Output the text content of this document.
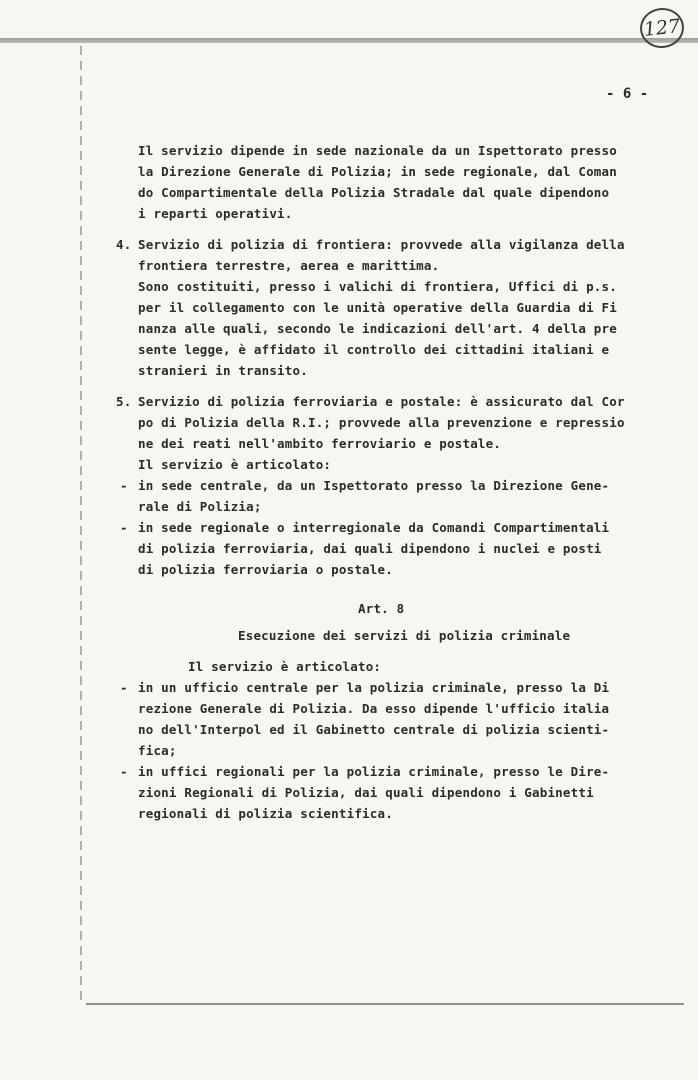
127
- 6 -
Il servizio dipende in sede nazionale da un Ispettorato presso
la Direzione Generale di Polizia; in sede regionale, dal Coman
do Compartimentale della Polizia Stradale dal quale dipendono
i reparti operativi.
4. Servizio di polizia di frontiera: provvede alla vigilanza della
frontiera terrestre, aerea e marittima.
Sono costituiti, presso i valichi di frontiera, Uffici di p.s.
per il collegamento con le unità operative della Guardia di Fi
nanza alle quali, secondo le indicazioni dell'art. 4 della pre
sente legge, è affidato il controllo dei cittadini italiani e
stranieri in transito.
5. Servizio di polizia ferroviaria e postale: è assicurato dal Cor
po di Polizia della R.I.; provvede alla prevenzione e repressio
ne dei reati nell'ambito ferroviario e postale.
Il servizio è articolato:
- in sede centrale, da un Ispettorato presso la Direzione Gene-
rale di Polizia;
- in sede regionale o interregionale da Comandi Compartimentali
di polizia ferroviaria, dai quali dipendono i nuclei e posti
di polizia ferroviaria o postale.
Art. 8
Esecuzione dei servizi di polizia criminale
Il servizio è articolato:
- in un ufficio centrale per la polizia criminale, presso la Di
rezione Generale di Polizia. Da esso dipende l'ufficio italia
no dell'Interpol ed il Gabinetto centrale di polizia scienti-
fica;
- in uffici regionali per la polizia criminale, presso le Dire-
zioni Regionali di Polizia, dai quali dipendono i Gabinetti
regionali di polizia scientifica.
